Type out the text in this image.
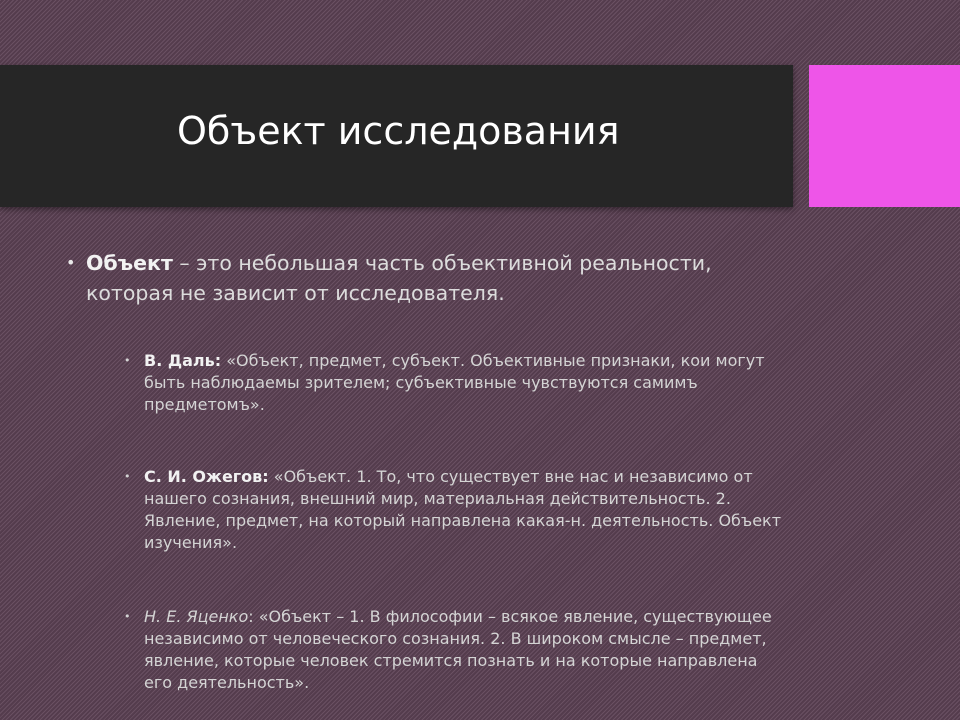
Объект исследования
• Объект – это небольшая часть объективной реальности, которая не зависит от исследователя.
• В. Даль: «Объект, предмет, субъект. Объективные признаки, кои могут быть наблюдаемы зрителем; субъективные чувствуются самимъ предметомъ».
• С. И. Ожегов: «Объект. 1. То, что существует вне нас и независимо от нашего сознания, внешний мир, материальная действительность. 2. Явление, предмет, на который направлена какая-н. деятельность. Объект изучения».
• Н. Е. Яценко: «Объект – 1. В философии – всякое явление, существующее независимо от человеческого сознания. 2. В широком смысле – предмет, явление, которые человек стремится познать и на которые направлена его деятельность».
